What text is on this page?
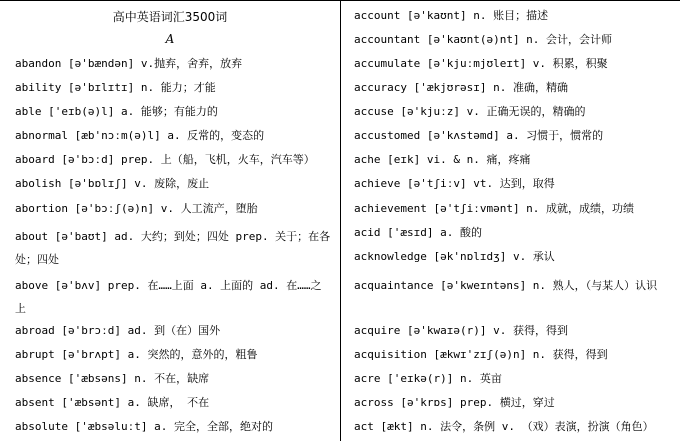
高中英语词汇3500词
A
abandon [ə'bændən] v.抛弃，舍弃，放弃
ability [ə'bɪlɪtɪ] n. 能力；才能
able ['eɪb(ə)l] a. 能够；有能力的
abnormal [æb'nɔːm(ə)l] a. 反常的，变态的
aboard [ə'bɔːd] prep. 上（船，飞机，火车，汽车等）
abolish [ə'bɒlɪʃ] v. 废除，废止
abortion [ə'bɔːʃ(ə)n] v. 人工流产，堕胎
about [ə'baʊt] ad. 大约；到处；四处 prep. 关于；在各处；四处
above [ə'bʌv] prep. 在……上面 a. 上面的 ad. 在……之上
abroad [ə'brɔːd] ad. 到（在）国外
abrupt [ə'brʌpt] a. 突然的，意外的，粗鲁
absence ['æbsəns] n. 不在，缺席
absent ['æbsənt] a. 缺席， 不在
absolute ['æbsəluːt] a. 完全，全部，绝对的
account [ə'kaʊnt] n. 账目；描述
accountant [ə'kaʊnt(ə)nt] n. 会计，会计师
accumulate [ə'kjuːmjʊleɪt] v. 积累，积聚
accuracy ['ækjʊrəsɪ] n. 准确，精确
accuse [ə'kjuːz] v. 正确无误的，精确的
accustomed [ə'kʌstəmd] a. 习惯于，惯常的
ache [eɪk] vi. & n. 痛，疼痛
achieve [ə'tʃiːv] vt. 达到，取得
achievement [ə'tʃiːvmənt] n. 成就，成绩，功绩
acid ['æsɪd] a. 酸的
acknowledge [ək'nɒlɪdʒ] v. 承认
acquaintance [ə'kweɪntəns] n. 熟人，（与某人）认识
acquire [ə'kwaɪə(r)] v. 获得，得到
acquisition [ækwɪ'zɪʃ(ə)n] n. 获得，得到
acre ['eɪkə(r)] n. 英亩
across [ə'krɒs] prep. 横过，穿过
act [ækt] n. 法令，条例 v. （戏）表演，扮演（角色）
